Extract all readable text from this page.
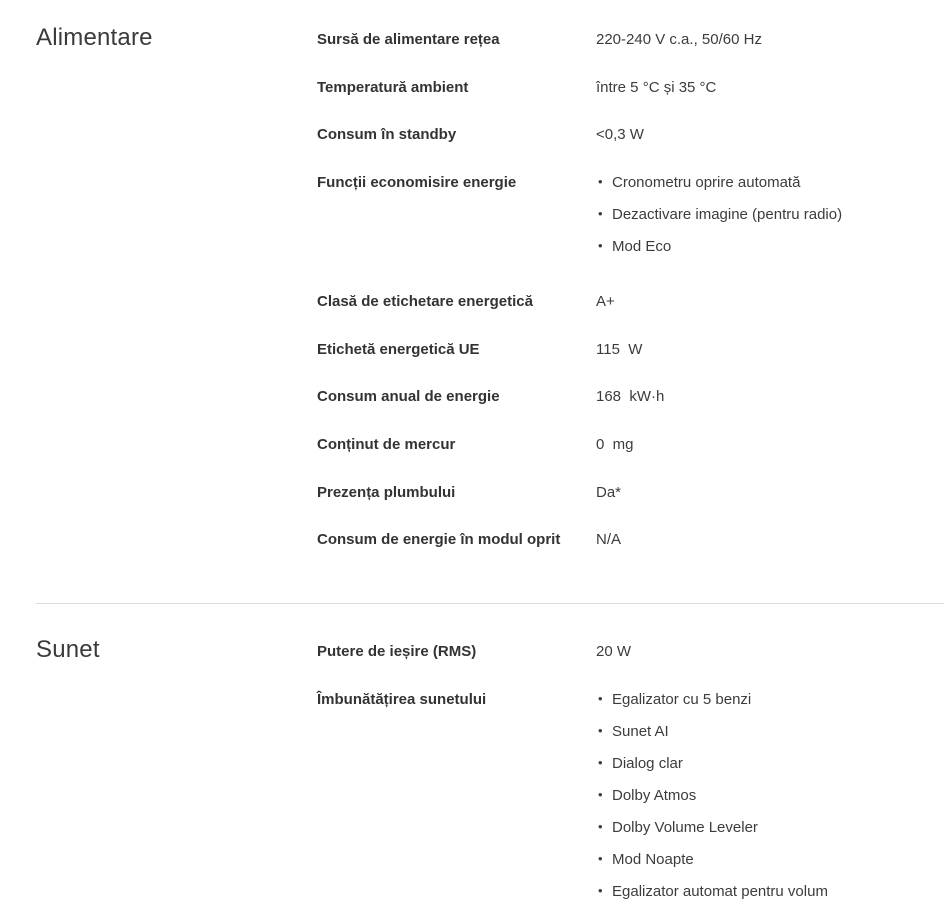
Alimentare	Sursă de alimentare rețea	220-240 V c.a., 50/60 Hz
Temperatură ambient	între 5 °C și 35 °C
Consum în standby	<0,3 W
Funcții economisire energie	• Cronometru oprire automată
• Dezactivare imagine (pentru radio)
• Mod Eco
Clasă de etichetare energetică	A+
Etichetă energetică UE	115  W
Consum anual de energie	168  kW·h
Conținut de mercur	0  mg
Prezența plumbului	Da*
Consum de energie în modul oprit	N/A
Sunet	Putere de ieșire (RMS)	20 W
Îmbunătățirea sunetului	• Egalizator cu 5 benzi
• Sunet AI
• Dialog clar
• Dolby Atmos
• Dolby Volume Leveler
• Mod Noapte
• Egalizator automat pentru volum
